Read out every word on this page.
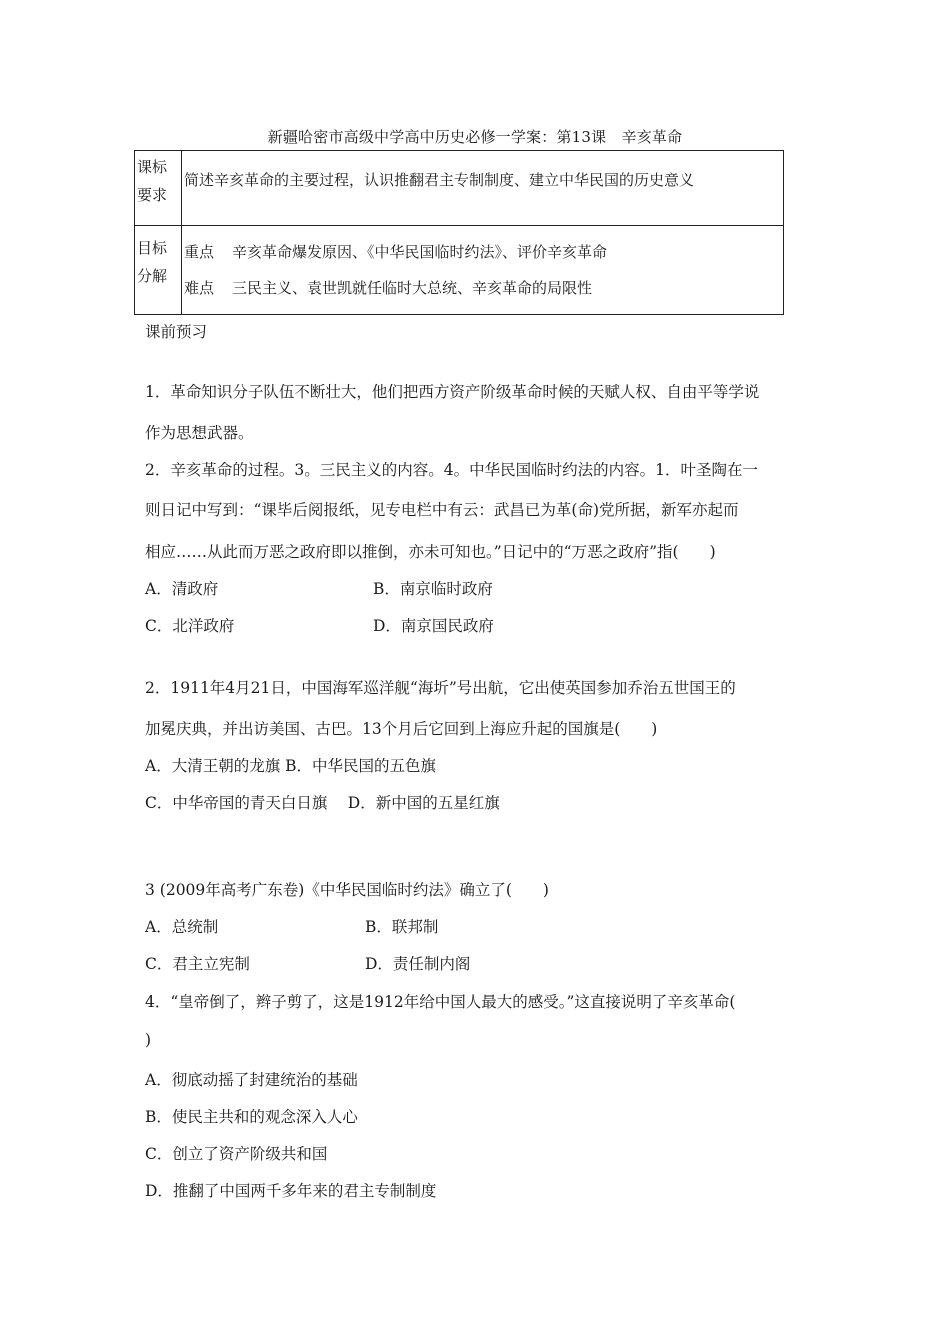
新疆哈密市高级中学高中历史必修一学案：第13课　辛亥革命
课标
要求	简述辛亥革命的主要过程，认识推翻君主专制制度、建立中华民国的历史意义

目标
分解	重点 辛亥革命爆发原因、《中华民国临时约法》、评价辛亥革命
难点 三民主义、袁世凯就任临时大总统、辛亥革命的局限性
课前预习
1．革命知识分子队伍不断壮大，他们把西方资产阶级革命时候的天赋人权、自由平等学说
作为思想武器。
2．辛亥革命的过程。3。三民主义的内容。4。中华民国临时约法的内容。1．叶圣陶在一
则日记中写到：“课毕后阅报纸，见专电栏中有云：武昌已为革(命)党所据，新军亦起而
相应……从此而万恶之政府即以推倒，亦未可知也。”日记中的“万恶之政府”指(　　)
A．清政府	B．南京临时政府
C．北洋政府	D．南京国民政府
2．1911年4月21日，中国海军巡洋舰“海圻”号出航，它出使英国参加乔治五世国王的
加冕庆典，并出访美国、古巴。13个月后它回到上海应升起的国旗是(　　)
A．大清王朝的龙旗 B．中华民国的五色旗
C．中华帝国的青天白日旗　 D．新中国的五星红旗
3 (2009年高考广东卷)《中华民国临时约法》确立了(　　)
A．总统制	B．联邦制
C．君主立宪制	D．责任制内阁
4．“皇帝倒了，辫子剪了，这是1912年给中国人最大的感受。”这直接说明了辛亥革命(
)
A．彻底动摇了封建统治的基础
B．使民主共和的观念深入人心
C．创立了资产阶级共和国
D．推翻了中国两千多年来的君主专制制度
